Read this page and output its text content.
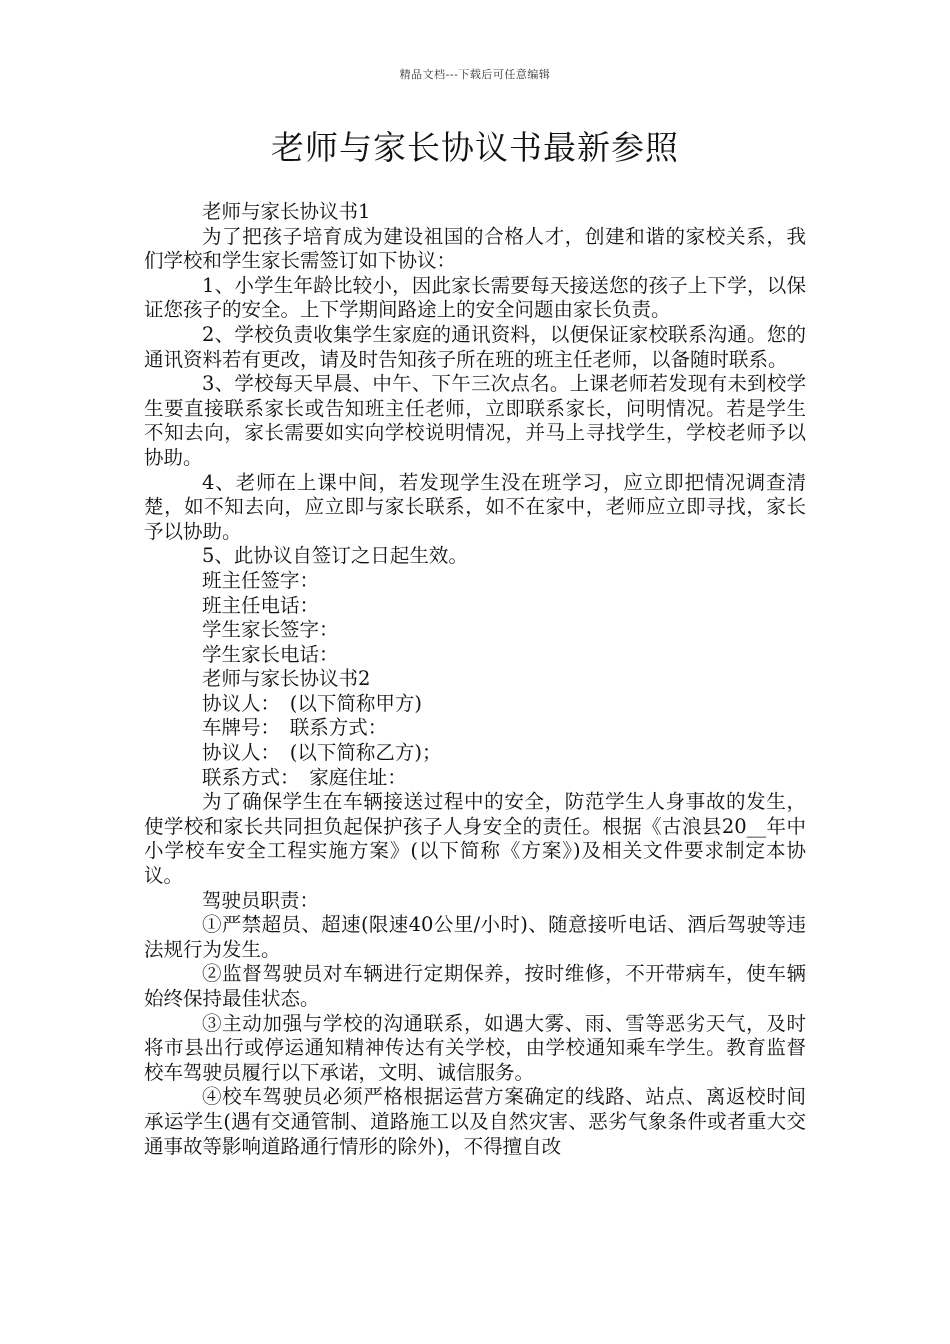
精品文档---下载后可任意编辑
老师与家长协议书最新参照

老师与家长协议书1

为了把孩子培育成为建设祖国的合格人才，创建和谐的家校关系，我们学校和学生家长需签订如下协议：

1、小学生年龄比较小，因此家长需要每天接送您的孩子上下学，以保证您孩子的安全。上下学期间路途上的安全问题由家长负责。

2、学校负责收集学生家庭的通讯资料，以便保证家校联系沟通。您的通讯资料若有更改，请及时告知孩子所在班的班主任老师，以备随时联系。

3、学校每天早晨、中午、下午三次点名。上课老师若发现有未到校学生要直接联系家长或告知班主任老师，立即联系家长，问明情况。若是学生不知去向，家长需要如实向学校说明情况，并马上寻找学生，学校老师予以协助。

4、老师在上课中间，若发现学生没在班学习，应立即把情况调查清楚，如不知去向，应立即与家长联系，如不在家中，老师应立即寻找，家长予以协助。

5、此协议自签订之日起生效。

班主任签字：

班主任电话：

学生家长签字：

学生家长电话：

老师与家长协议书2

协议人：　(以下简称甲方)

车牌号：　联系方式：

协议人：　(以下简称乙方)；

联系方式：　家庭住址：

为了确保学生在车辆接送过程中的安全，防范学生人身事故的发生，使学校和家长共同担负起保护孩子人身安全的责任。根据《古浪县20__年中小学校车安全工程实施方案》(以下简称《方案》)及相关文件要求制定本协议。

驾驶员职责：

①严禁超员、超速(限速40公里/小时)、随意接听电话、酒后驾驶等违法规行为发生。

②监督驾驶员对车辆进行定期保养，按时维修，不开带病车，使车辆始终保持最佳状态。

③主动加强与学校的沟通联系，如遇大雾、雨、雪等恶劣天气，及时将市县出行或停运通知精神传达有关学校，由学校通知乘车学生。教育监督校车驾驶员履行以下承诺，文明、诚信服务。

④校车驾驶员必须严格根据运营方案确定的线路、站点、离返校时间承运学生(遇有交通管制、道路施工以及自然灾害、恶劣气象条件或者重大交通事故等影响道路通行情形的除外)，不得擅自改
